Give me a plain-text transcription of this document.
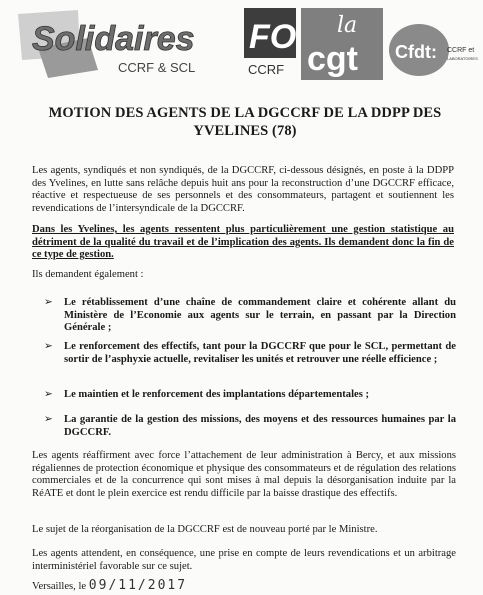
Solidaires
CCRF & SCL
FO
CCRF
la
cgt Cfdt: CCRF et
LABORATOIRES
MOTION DES AGENTS DE LA DGCCRF DE LA DDPP DES YVELINES (78)
Les agents, syndiqués et non syndiqués, de la DGCCRF, ci-dessous désignés, en poste à la DDPP des Yvelines, en lutte sans relâche depuis huit ans pour la reconstruction d’une DGCCRF efficace, réactive et respectueuse de ses personnels et des consommateurs, partagent et soutiennent les revendications de l’intersyndicale de la DGCCRF.
Dans les Yvelines, les agents ressentent plus particulièrement une gestion statistique au détriment de la qualité du travail et de l’implication des agents. Ils demandent donc la fin de ce type de gestion.
Ils demandent également :
➢ Le rétablissement d’une chaîne de commandement claire et cohérente allant du Ministère de l’Economie aux agents sur le terrain, en passant par la Direction Générale ;
➢ Le renforcement des effectifs, tant pour la DGCCRF que pour le SCL, permettant de sortir de l’asphyxie actuelle, revitaliser les unités et retrouver une réelle efficience ;
➢ Le maintien et le renforcement des implantations départementales ;
➢ La garantie de la gestion des missions, des moyens et des ressources humaines par la DGCCRF.
Les agents réaffirment avec force l’attachement de leur administration à Bercy, et aux missions régaliennes de protection économique et physique des consommateurs et de régulation des relations commerciales et de la concurrence qui sont mises à mal depuis la désorganisation induite par la RéATE et dont le plein exercice est rendu difficile par la baisse drastique des effectifs.
Le sujet de la réorganisation de la DGCCRF est de nouveau porté par le Ministre.
Les agents attendent, en conséquence, une prise en compte de leurs revendications et un arbitrage interministériel favorable sur ce sujet.
Versailles, le 09/11/2017
